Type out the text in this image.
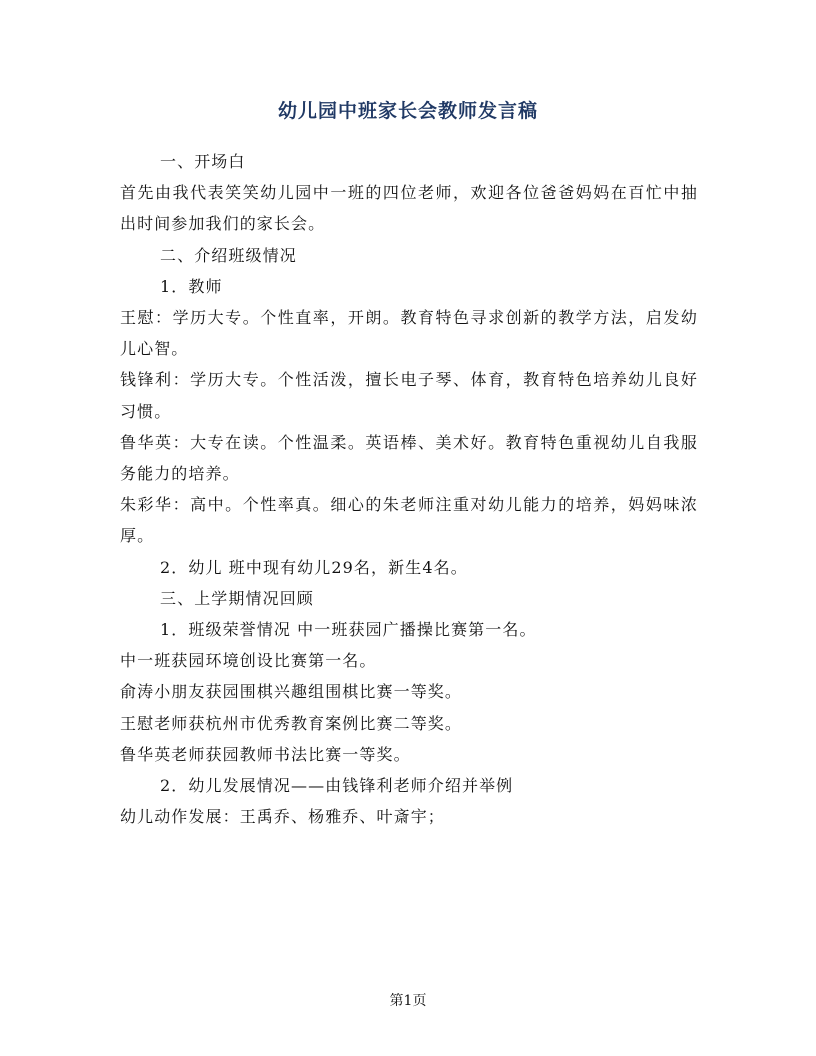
幼儿园中班家长会教师发言稿

一、开场白

首先由我代表笑笑幼儿园中一班的四位老师，欢迎各位爸爸妈妈在百忙中抽出时间参加我们的家长会。

二、介绍班级情况

1．教师

王慰：学历大专。个性直率，开朗。教育特色寻求创新的教学方法，启发幼儿心智。

钱锋利：学历大专。个性活泼，擅长电子琴、体育，教育特色培养幼儿良好习惯。

鲁华英：大专在读。个性温柔。英语棒、美术好。教育特色重视幼儿自我服务能力的培养。

朱彩华：高中。个性率真。细心的朱老师注重对幼儿能力的培养，妈妈味浓厚。

2．幼儿 班中现有幼儿29名，新生4名。

三、上学期情况回顾

1．班级荣誉情况 中一班获园广播操比赛第一名。

中一班获园环境创设比赛第一名。

俞涛小朋友获园围棋兴趣组围棋比赛一等奖。

王慰老师获杭州市优秀教育案例比赛二等奖。

鲁华英老师获园教师书法比赛一等奖。

2．幼儿发展情况——由钱锋利老师介绍并举例

幼儿动作发展：王禹乔、杨雅乔、叶斎宇；

第1页
